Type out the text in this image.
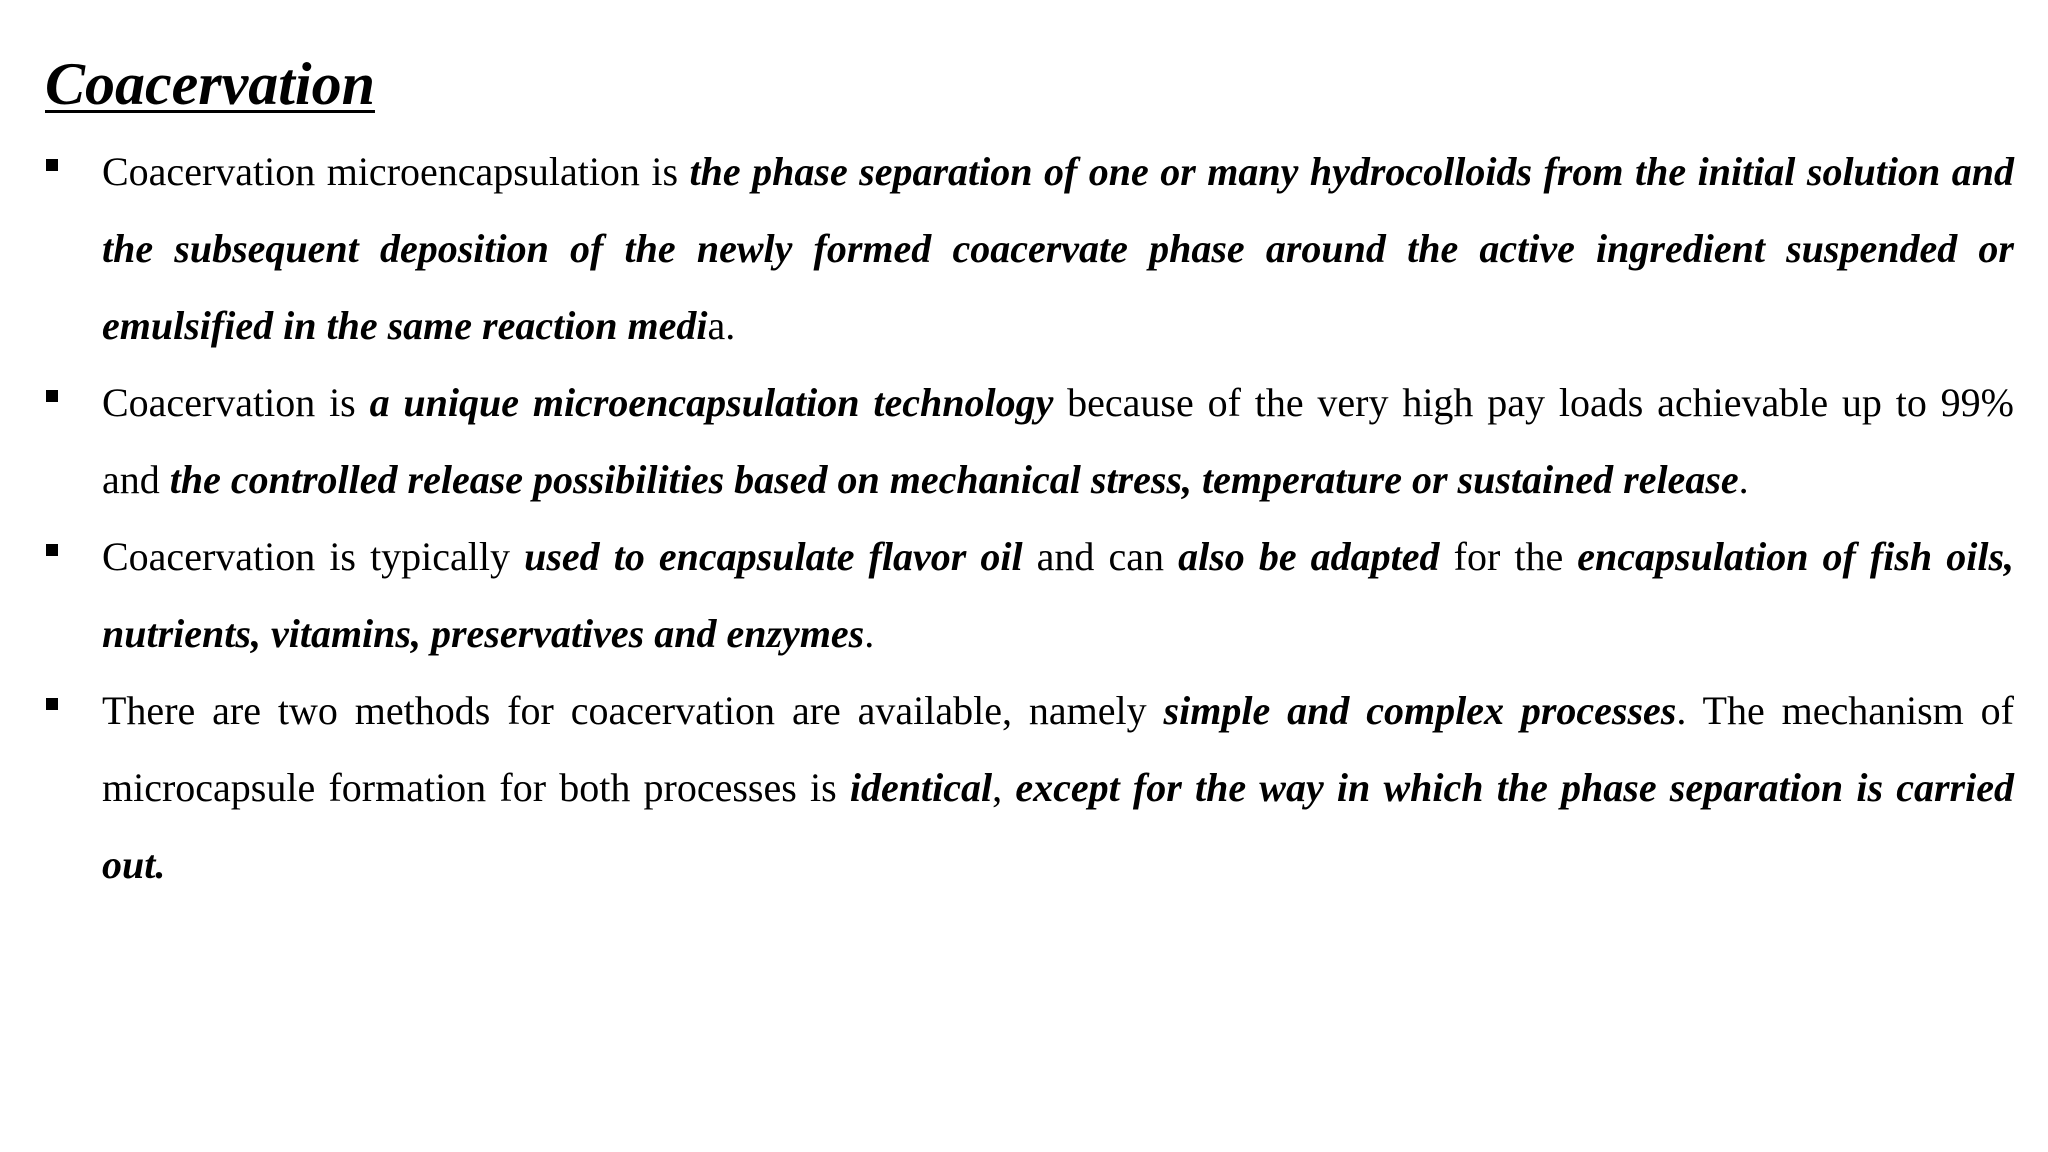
Coacervation
Coacervation microencapsulation is the phase separation of one or many hydrocolloids from the initial solution and the subsequent deposition of the newly formed coacervate phase around the active ingredient suspended or emulsified in the same reaction media.
Coacervation is a unique microencapsulation technology because of the very high pay loads achievable up to 99% and the controlled release possibilities based on mechanical stress, temperature or sustained release.
Coacervation is typically used to encapsulate flavor oil and can also be adapted for the encapsulation of fish oils, nutrients, vitamins, preservatives and enzymes.
There are two methods for coacervation are available, namely simple and complex processes. The mechanism of microcapsule formation for both processes is identical, except for the way in which the phase separation is carried out.
